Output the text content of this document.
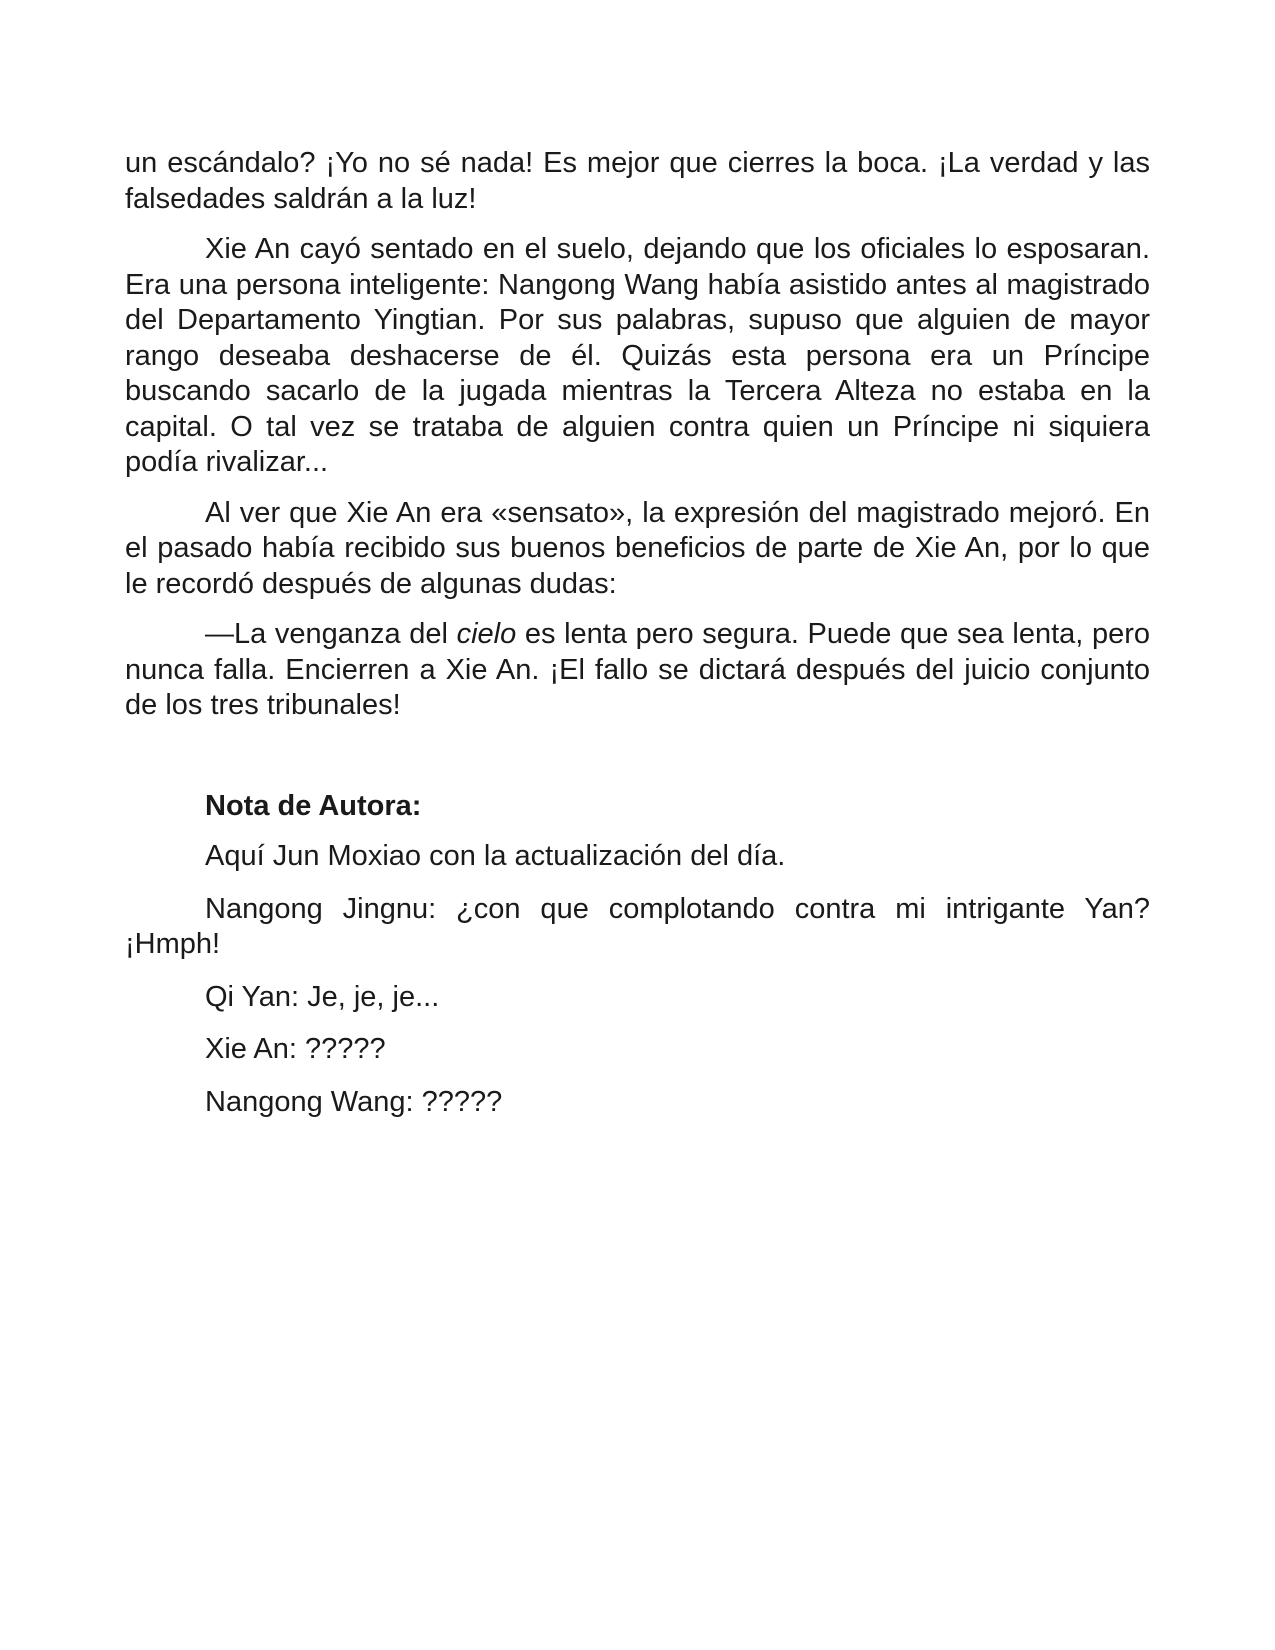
un escándalo? ¡Yo no sé nada! Es mejor que cierres la boca. ¡La verdad y las falsedades saldrán a la luz!

Xie An cayó sentado en el suelo, dejando que los oficiales lo esposaran. Era una persona inteligente: Nangong Wang había asistido antes al magistrado del Departamento Yingtian. Por sus palabras, supuso que alguien de mayor rango deseaba deshacerse de él. Quizás esta persona era un Príncipe buscando sacarlo de la jugada mientras la Tercera Alteza no estaba en la capital. O tal vez se trataba de alguien contra quien un Príncipe ni siquiera podía rivalizar...

Al ver que Xie An era «sensato», la expresión del magistrado mejoró. En el pasado había recibido sus buenos beneficios de parte de Xie An, por lo que le recordó después de algunas dudas:

—La venganza del cielo es lenta pero segura. Puede que sea lenta, pero nunca falla. Encierren a Xie An. ¡El fallo se dictará después del juicio conjunto de los tres tribunales!

Nota de Autora:
Aquí Jun Moxiao con la actualización del día.

Nangong Jingnu: ¿con que complotando contra mi intrigante Yan? ¡Hmph!

Qi Yan: Je, je, je...
Xie An: ?????
Nangong Wang: ?????
